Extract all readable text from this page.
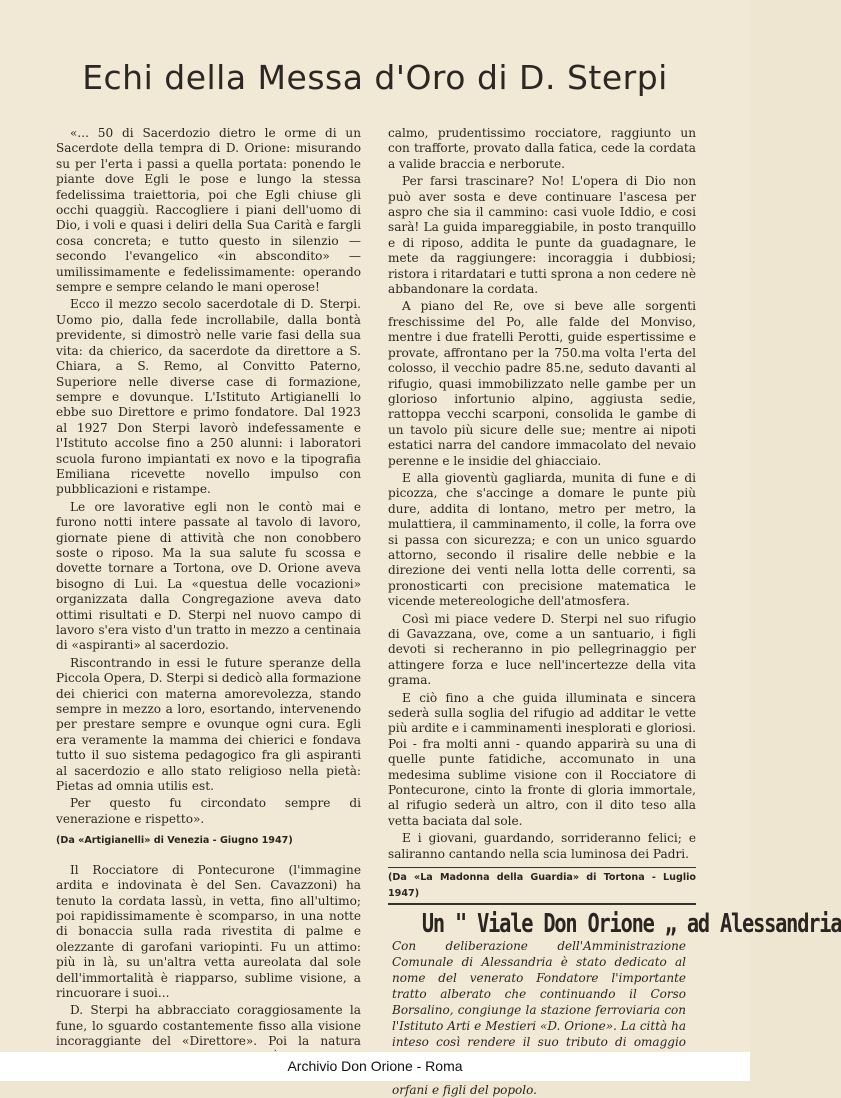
Echi della Messa d'Oro di D. Sterpi

«... 50 di Sacerdozio dietro le orme di un Sacerdote della tempra di D. Orione: misurando su per l'erta i passi a quella portata: ponendo le piante dove Egli le pose e lungo la stessa fedelissima traiettoria, poi che Egli chiuse gli occhi quaggiù. Raccogliere i piani dell'uomo di Dio, i voli e quasi i deliri della Sua Carità e fargli cosa concreta; e tutto questo in silenzio — secondo l'evangelico «in absconditо» — umilissimamente e fedelissimamente: operando sempre e sempre celando le mani operose!

Ecco il mezzo secolo sacerdotale di D. Sterpi. Uomo pio, dalla fede incrollabile, dalla bontà previdente, si dimostrò nelle varie fasi della sua vita: da chierico, da sacerdote da direttore a S. Chiara, a S. Remo, al Convitto Paterno, Superiore nelle diverse case di formazione, sempre e dovunque. L'Istituto Artigianelli lo ebbe suo Direttore e primo fondatore. Dal 1923 al 1927 Don Sterpi lavorò indefessamente e l'Istituto accolse fino a 250 alunni: i laboratori scuola furono impiantati ex novo e la tipografia Emiliana ricevette novello impulso con pubblicazioni e ristampe.

Le ore lavorative egli non le contò mai e furono notti intere passate al tavolo di lavoro, giornate piene di attività che non conobbero soste o riposo. Ma la sua salute fu scossa e dovette tornare a Tortona, ove D. Orione aveva bisogno di Lui. La «questua delle vocazioni» organizzata dalla Congregazione aveva dato ottimi risultati e D. Sterpi nel nuovo campo di lavoro s'era visto d'un tratto in mezzo a centinaia di «aspiranti» al sacerdozio.

Riscontrando in essi le future speranze della Piccola Opera, D. Sterpi si dedicò alla formazione dei chierici con materna amorevolezza, stando sempre in mezzo a loro, esortando, intervenendo per prestare sempre e ovunque ogni cura. Egli era veramente la mamma dei chierici e fondava tutto il suo sistema pedagogico fra gli aspiranti al sacerdozio e allo stato religioso nella pietà: Pietas ad omnia utilis est.

Per questo fu circondato sempre di venerazione e rispetto».

(Da «Artigianelli» di Venezia - Giugno 1947)

Il Rocciatore di Pontecurone (l'immagine ardita e indovinata è del Sen. Cavazzoni) ha tenuto la cordata lassù, in vetta, fino all'ultimo; poi rapidissimamente è scomparso, in una notte di bonaccia sulla rada rivestita di palme e olezzante di garofani variopinti. Fu un attimo: più in là, su un'altra vetta aureolata dal sole dell'immortalità è riapparso, sublime visione, a rincuorare i suoi...

D. Sterpi ha abbracciato coraggiosamente la fune, lo sguardo costantemente fisso alla visione incoraggiante del «Direttore». Poi la natura

calmo, prudentissimo rocciatore, raggiunto un con trafforte, provato dalla fatica, cede la cordata a valide braccia e nerborute.

Per farsi trascinare? No! L'opera di Dio non può aver sosta e deve continuare l'ascesa per aspro che sia il cammino: casi vuole Iddio, e cosi sarà! La guida impareggiabile, in posto tranquillo e di riposo, addita le punte da guadagnare, le mete da raggiungere: incoraggia i dubbiosi; ristora i ritardatari e tutti sprona a non cedere nè abbandonare la cordata.

A piano del Re, ove si beve alle sorgenti freschissime del Po, alle falde del Monviso, mentre i due fratelli Perotti, guide espertissime e provate, affrontano per la 750.ma volta l'erta del colosso, il vecchio padre 85.ne, seduto davanti al rifugio, quasi immobilizzato nelle gambe per un glorioso infortunio alpino, aggiusta sedie, rattoppa vecchi scarponi, consolida le gambe di un tavolo più sicure delle sue; mentre ai nipoti estatici narra del candore immacolato del nevaio perenne e le insidie del ghiacciaio.

E alla gioventù gagliarda, munita di fune e di picozza, che s'accinge a domare le punte più dure, addita di lontano, metro per metro, la mulattiera, il camminamento, il colle, la forra ove si passa con sicurezza; e con un unico sguardo attorno, secondo il risalire delle nebbie e la direzione dei venti nella lotta delle correnti, sa pronosticarti con precisione matematica le vicende metereologiche dell'atmosfera.

Così mi piace vedere D. Sterpi nel suo rifugio di Gavazzana, ove, come a un santuario, i figli devoti si recheranno in pio pellegrinaggio per attingere forza e luce nell'incertezze della vita grama.

E ciò fino a che guida illuminata e sincera sederà sulla soglia del rifugio ad additar le vette più ardite e i camminamenti inesplorati e gloriosi. Poi - fra molti anni - quando apparirà su una di quelle punte fatidiche, accomunato in una medesima sublime visione con il Rocciatore di Pontecurone, cinto la fronte di gloria immortale, al rifugio sederà un altro, con il dito teso alla vetta baciata dal sole.

E i giovani, guardando, sorrideranno felici; e saliranno cantando nella scia luminosa dei Padri.

(Da «La Madonna della Guardia» di Tortona - Luglio 1947)
Un " Viale Don Orione „ ad Alessandria
Con deliberazione dell'Amministrazione Comunale di Alessandria è stato dedicato al nome del venerato Fondatore l'importante tratto alberato che continuando il Corso Borsalino, congiunge la stazione ferroviaria con l'Istituto Arti e Mestieri «D. Orione». La città ha inteso così rendere il suo tributo di omaggio orfani e figli del popolo.
Archivio Don Orione - Roma
